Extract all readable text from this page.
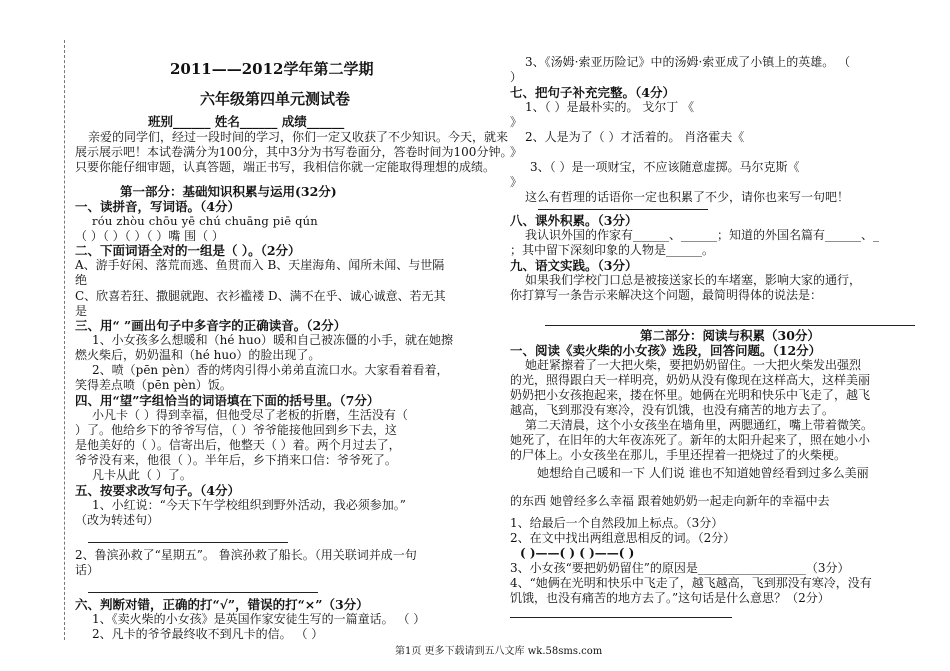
2011——2012学年第二学期
六年级第四单元测试卷
班别______ 姓名______ 成绩______
亲爱的同学们，经过一段时间的学习，你们一定又收获了不少知识。今天，就来
展示展示吧！本试卷满分为100分，其中3分为书写卷面分，答卷时间为100分钟。
只要你能仔细审题，认真答题，端正书写，我相信你就一定能取得理想的成绩。
第一部分：基础知识积累与运用(32分)
一、读拼音，写词语。（4分）
róu zhòu chōu yē chú chuāng piē qún
（ ）（ ）（ ）（ ）嘴 围（ ）
二、下面词语全对的一组是（ ）。（2分）
A、游手好闲、落荒而逃、鱼贯而入 B、天崖海角、闻所未闻、与世隔
绝
C、欣喜若狂、撒腿就跑、衣衫褴褛 D、满不在乎、诚心诚意、若无其
是
三、用“ ”画出句子中多音字的正确读音。（2分）
1、小女孩多么想暖和（hé huo）暖和自己被冻僵的小手，就在她擦
燃火柴后，奶奶温和（hé huo）的脸出现了。
2、喷（pēn pèn）香的烤肉引得小弟弟直流口水。大家看着看着，
笑得差点喷（pēn pèn）饭。
四、用“望”字组恰当的词语填在下面的括号里。（7分）
小凡卡（ ）得到幸福，但他受尽了老板的折磨，生活没有（
）了。他给乡下的爷爷写信，（ ）爷爷能接他回到乡下去，这
是他美好的（ ）。信寄出后，他整天（ ）着。两个月过去了，
爷爷没有来，他很（ ）。半年后，乡下捎来口信：爷爷死了。
凡卡从此（ ）了。
五、按要求改写句子。（4分）
1、小红说：“今天下午学校组织到野外活动，我必须参加。”
（改为转述句）
2、鲁滨孙救了“星期五”。 鲁滨孙救了船长。（用关联词并成一句
话）
六、判断对错，正确的打“√”，错误的打“×”（3分）
1、《卖火柴的小女孩》是英国作家安徒生写的一篇童话。 （ ）
2、凡卡的爷爷最终收不到凡卡的信。 （ ）
3、《汤姆·索亚历险记》中的汤姆·索亚成了小镇上的英雄。 （
）
七、把句子补充完整。（4分）
1、（ ）是最朴实的。 戈尔丁 《
》
2、人是为了（ ）才活着的。 肖洛霍夫《
》
3、（ ）是一项财宝，不应该随意虚掷。马尔克斯《
》
这么有哲理的话语你一定也积累了不少，请你也来写一句吧！
八、课外积累。（3分）
我认识外国的作家有______、______；知道的外国名篇有______、_
；其中留下深刻印象的人物是______。
九、语文实践。（3分）
如果我们学校门口总是被接送家长的车堵塞，影响大家的通行，
你打算写一条告示来解决这个问题，最简明得体的说法是：
第二部分：阅读与积累（30分）
一、阅读《卖火柴的小女孩》选段，回答问题。（12分）
她赶紧擦着了一大把火柴，要把奶奶留住。一大把火柴发出强烈
的光，照得跟白天一样明亮，奶奶从没有像现在这样高大，这样美丽
奶奶把小女孩抱起来，搂在怀里。她俩在光明和快乐中飞走了，越飞
越高，飞到那没有寒冷，没有饥饿，也没有痛苦的地方去了。
第二天清晨，这个小女孩坐在墙角里，两腮通红，嘴上带着微笑。
她死了，在旧年的大年夜冻死了。新年的太阳升起来了，照在她小小
的尸体上。小女孩坐在那儿，手里还捏着一把烧过了的火柴梗。
她想给自己暖和一下 人们说 谁也不知道她曾经看到过多么美丽
的东西 她曾经多么幸福 跟着她奶奶一起走向新年的幸福中去
1、给最后一个自然段加上标点。（3分）
2、在文中找出两组意思相反的词。（2分）
( )——( ) ( )——( )
3、小女孩“要把奶奶留住”的原因是__________________（3分）
4、“她俩在光明和快乐中飞走了，越飞越高，飞到那没有寒冷，没有
饥饿，也没有痛苦的地方去了。”这句话是什么意思？（2分）
第1页 更多下载请到五八文库 wk.58sms.com
